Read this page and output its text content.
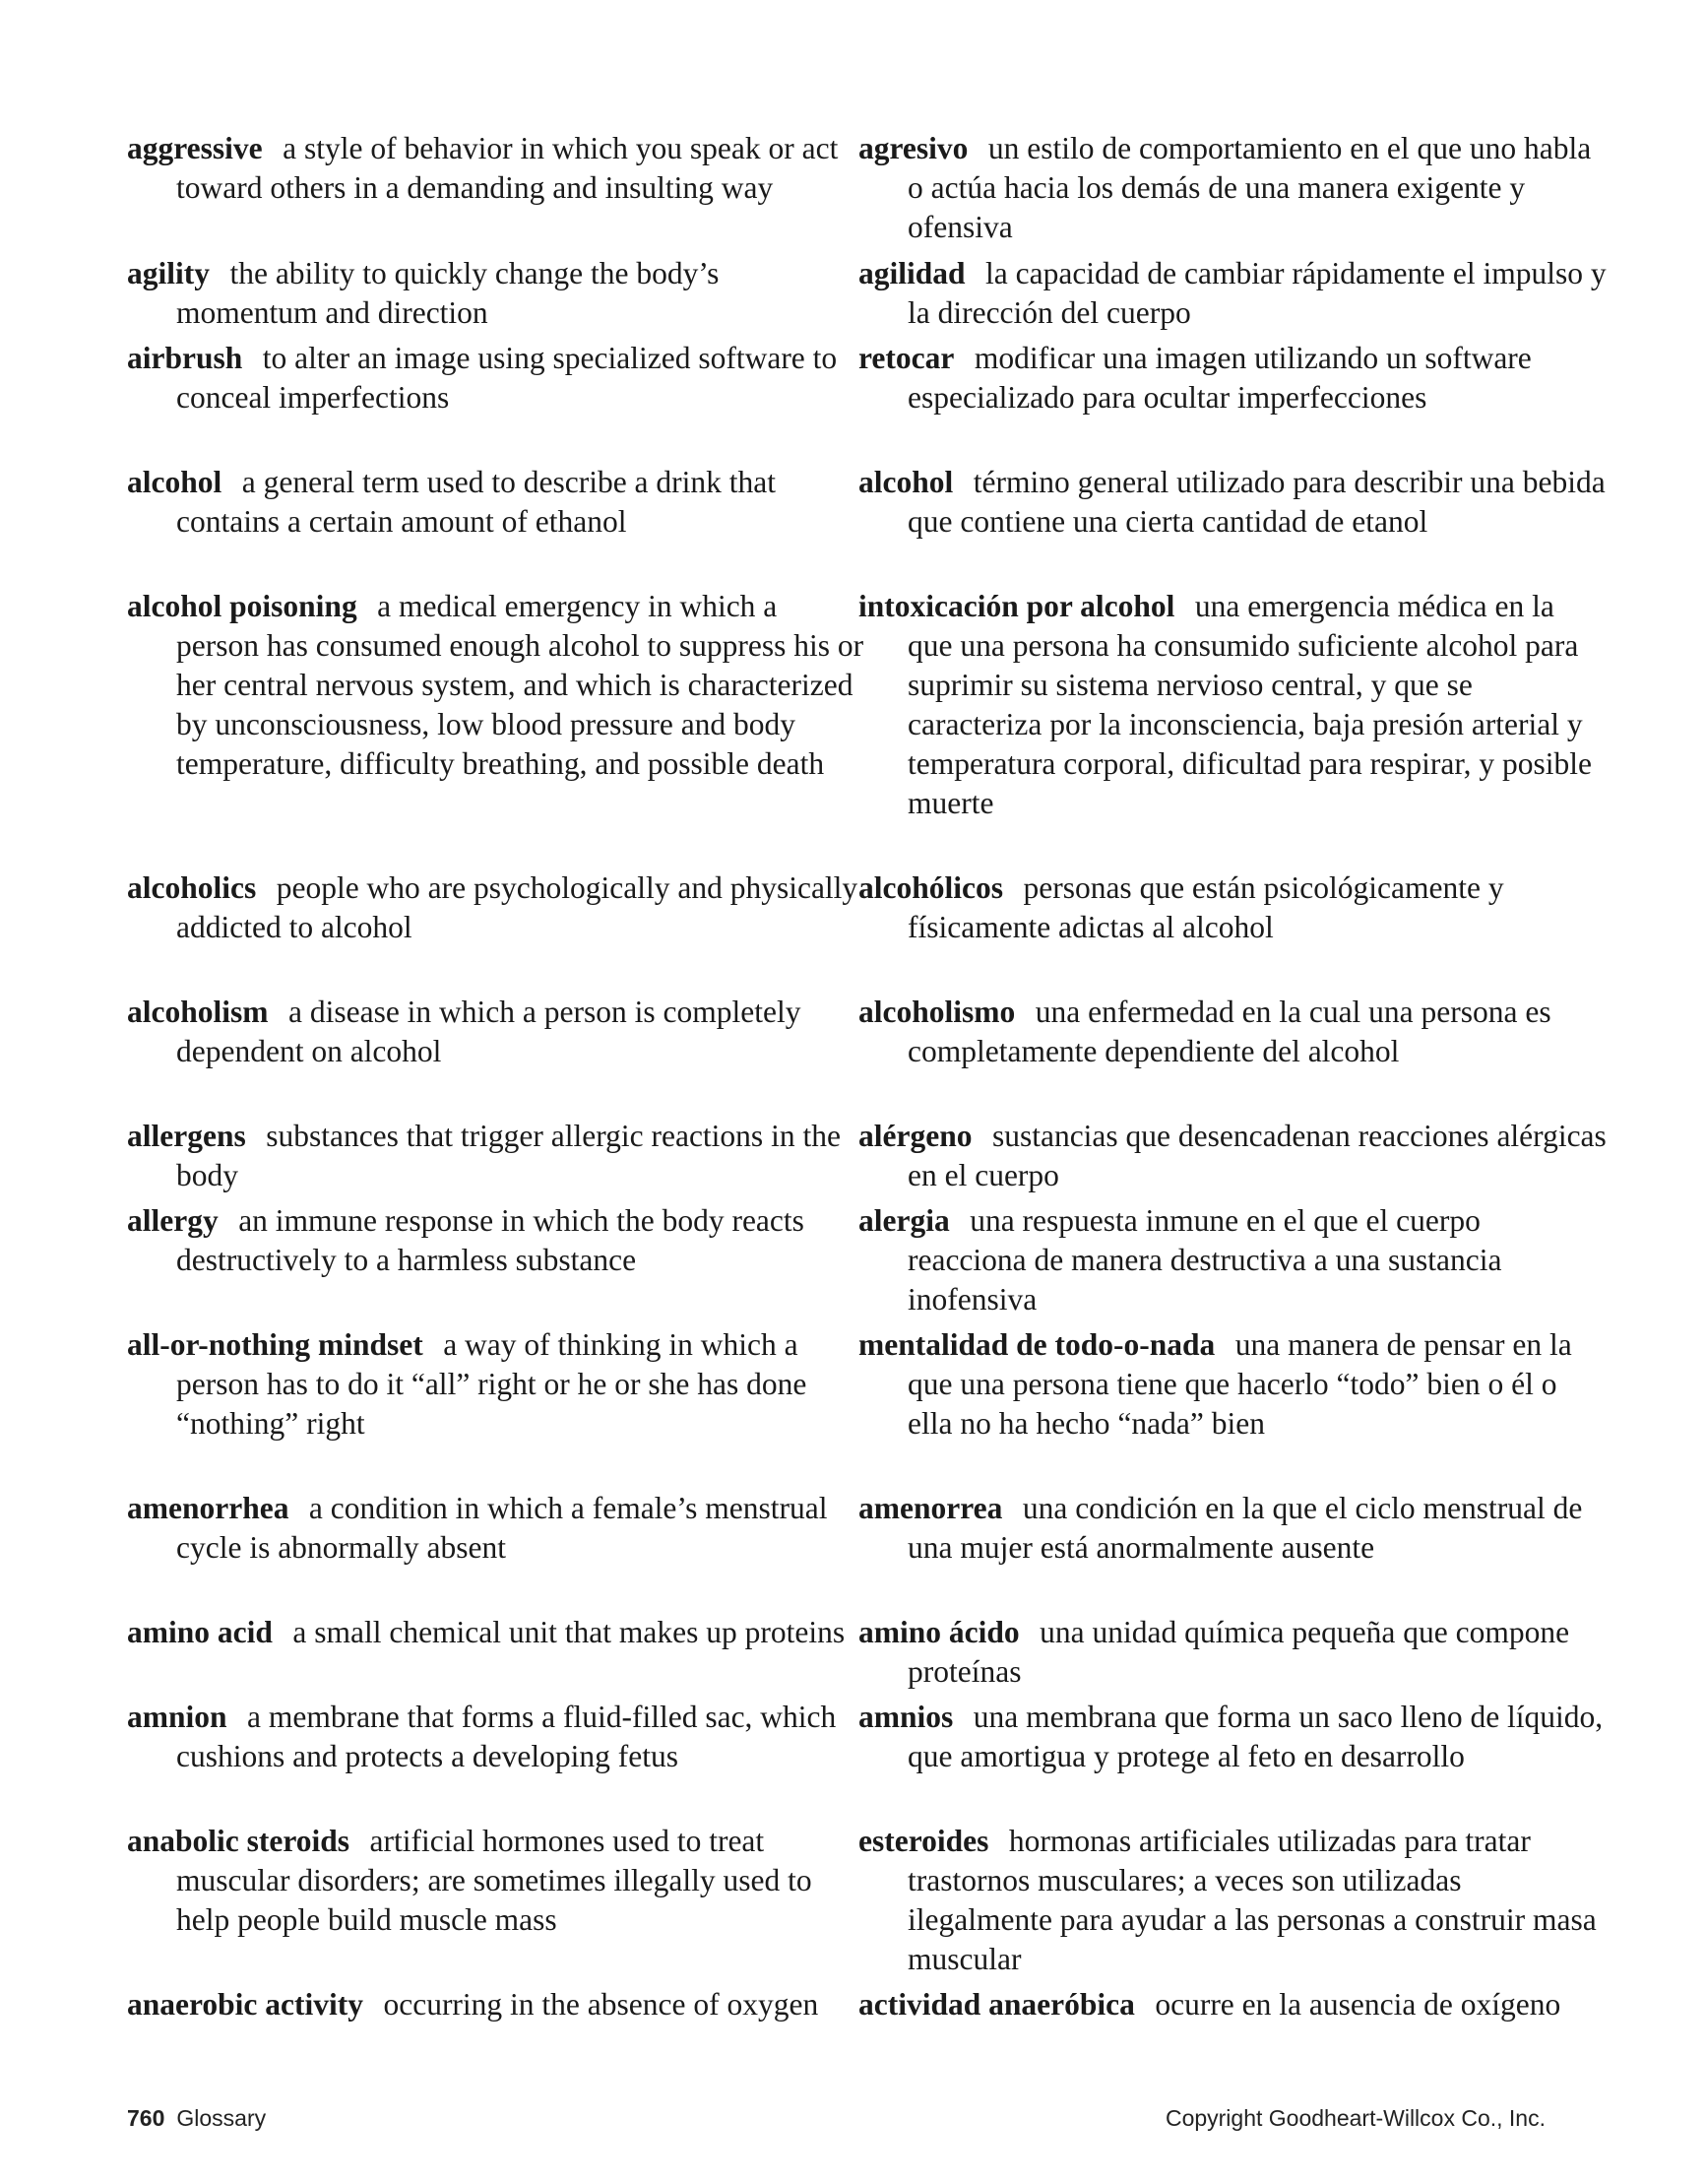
aggressive a style of behavior in which you speak or act toward others in a demanding and insulting way

agility the ability to quickly change the body’s momentum and direction

airbrush to alter an image using specialized software to conceal imperfections

alcohol a general term used to describe a drink that contains a certain amount of ethanol

alcohol poisoning a medical emergency in which a person has consumed enough alcohol to suppress his or her central nervous system, and which is characterized by unconsciousness, low blood pressure and body temperature, difficulty breathing, and possible death

alcoholics people who are psychologically and physically addicted to alcohol

alcoholism a disease in which a person is completely dependent on alcohol

allergens substances that trigger allergic reactions in the body

allergy an immune response in which the body reacts destructively to a harmless substance

all-or-nothing mindset a way of thinking in which a person has to do it “all” right or he or she has done “nothing” right

amenorrhea a condition in which a female’s menstrual cycle is abnormally absent

amino acid a small chemical unit that makes up proteins

amnion a membrane that forms a fluid-filled sac, which cushions and protects a developing fetus

anabolic steroids artificial hormones used to treat muscular disorders; are sometimes illegally used to help people build muscle mass

anaerobic activity occurring in the absence of oxygen

agresivo un estilo de comportamiento en el que uno habla o actúa hacia los demás de una manera exigente y ofensiva

agilidad la capacidad de cambiar rápidamente el impulso y la dirección del cuerpo

retocar modificar una imagen utilizando un software especializado para ocultar imperfecciones

alcohol término general utilizado para describir una bebida que contiene una cierta cantidad de etanol

intoxicación por alcohol una emergencia médica en la que una persona ha consumido suficiente alcohol para suprimir su sistema nervioso central, y que se caracteriza por la inconsciencia, baja presión arterial y temperatura corporal, dificultad para respirar, y posible muerte

alcohólicos personas que están psicológicamente y físicamente adictas al alcohol

alcoholismo una enfermedad en la cual una persona es completamente dependiente del alcohol

alérgeno sustancias que desencadenan reacciones alérgicas en el cuerpo

alergia una respuesta inmune en el que el cuerpo reacciona de manera destructiva a una sustancia inofensiva

mentalidad de todo-o-nada una manera de pensar en la que una persona tiene que hacerlo “todo” bien o él o ella no ha hecho “nada” bien

amenorrea una condición en la que el ciclo menstrual de una mujer está anormalmente ausente

amino ácido una unidad química pequeña que compone proteínas

amnios una membrana que forma un saco lleno de líquido, que amortigua y protege al feto en desarrollo

esteroides hormonas artificiales utilizadas para tratar trastornos musculares; a veces son utilizadas ilegalmente para ayudar a las personas a construir masa muscular

actividad anaeróbica ocurre en la ausencia de oxígeno

760 Glossary	Copyright Goodheart-Willcox Co., Inc.
